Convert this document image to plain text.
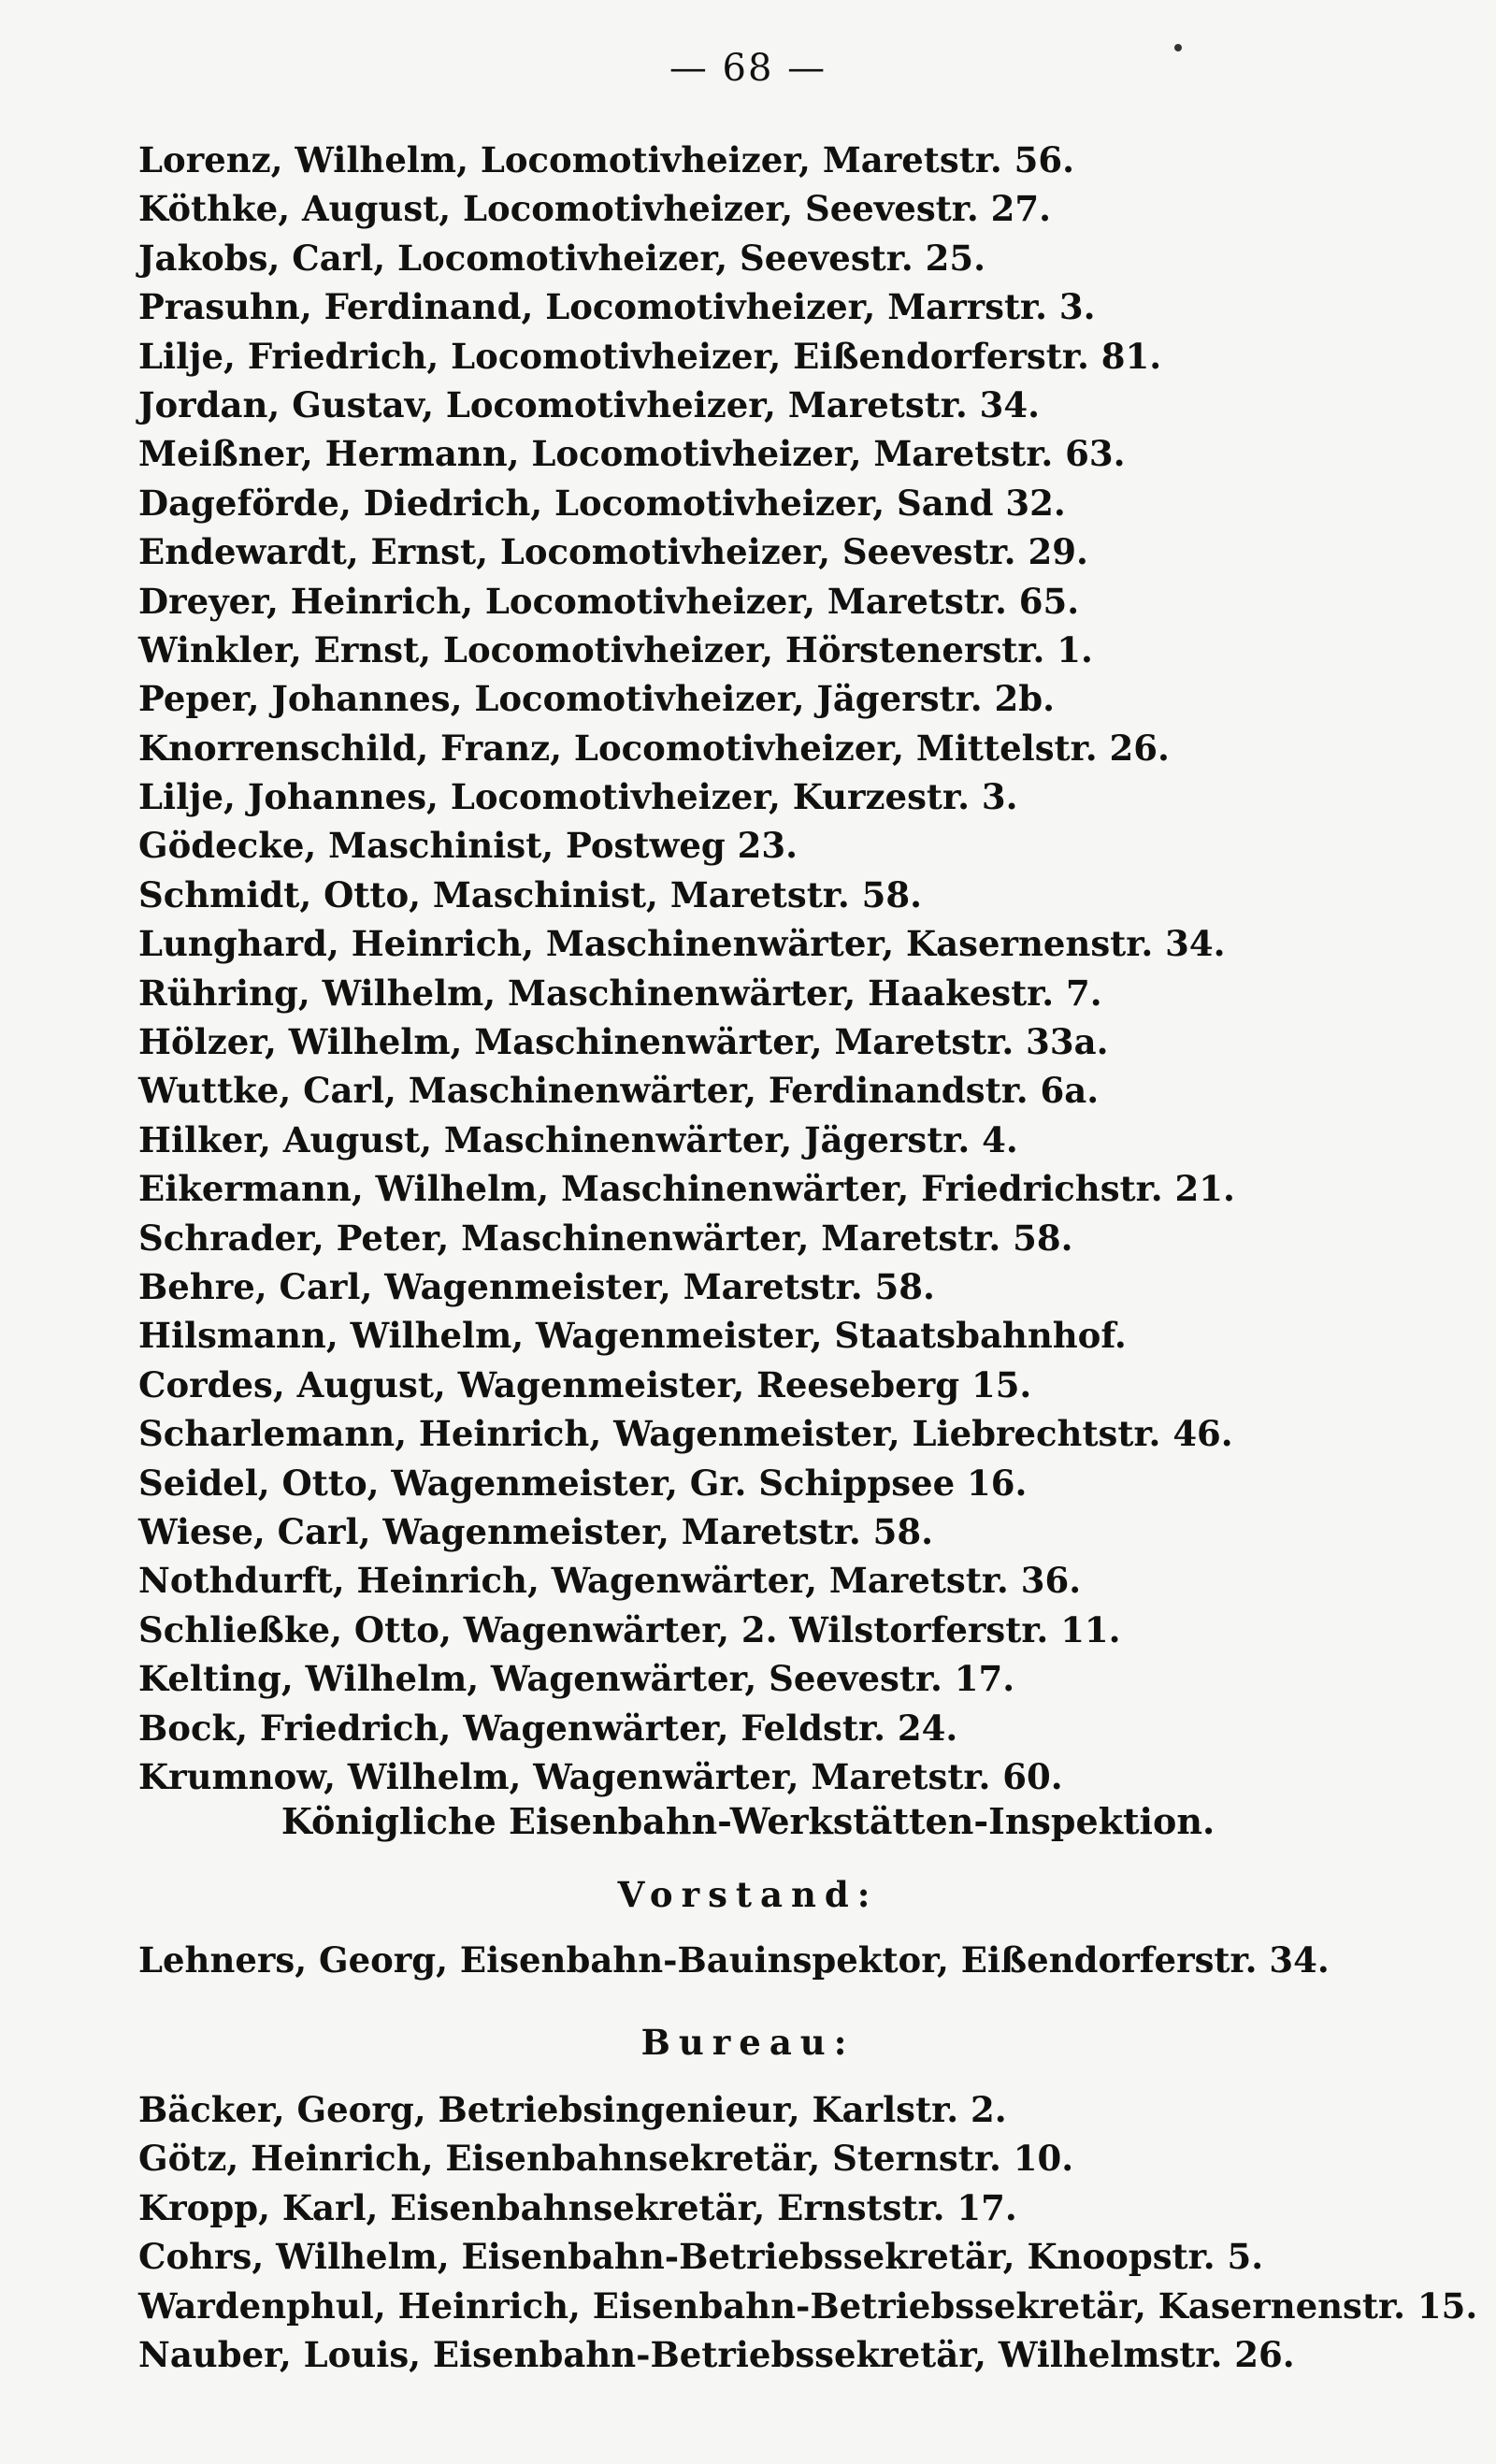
— 68 —
Lorenz, Wilhelm, Locomotivheizer, Maretstr. 56.
Köthke, August, Locomotivheizer, Seevestr. 27.
Jakobs, Carl, Locomotivheizer, Seevestr. 25.
Prasuhn, Ferdinand, Locomotivheizer, Marrstr. 3.
Lilje, Friedrich, Locomotivheizer, Eißendorferstr. 81.
Jordan, Gustav, Locomotivheizer, Maretstr. 34.
Meißner, Hermann, Locomotivheizer, Maretstr. 63.
Dageförde, Diedrich, Locomotivheizer, Sand 32.
Endewardt, Ernst, Locomotivheizer, Seevestr. 29.
Dreyer, Heinrich, Locomotivheizer, Maretstr. 65.
Winkler, Ernst, Locomotivheizer, Hörstenerstr. 1.
Peper, Johannes, Locomotivheizer, Jägerstr. 2b.
Knorrenschild, Franz, Locomotivheizer, Mittelstr. 26.
Lilje, Johannes, Locomotivheizer, Kurzestr. 3.
Gödecke, Maschinist, Postweg 23.
Schmidt, Otto, Maschinist, Maretstr. 58.
Lunghard, Heinrich, Maschinenwärter, Kasernenstr. 34.
Rühring, Wilhelm, Maschinenwärter, Haakestr. 7.
Hölzer, Wilhelm, Maschinenwärter, Maretstr. 33a.
Wuttke, Carl, Maschinenwärter, Ferdinandstr. 6a.
Hilker, August, Maschinenwärter, Jägerstr. 4.
Eikermann, Wilhelm, Maschinenwärter, Friedrichstr. 21.
Schrader, Peter, Maschinenwärter, Maretstr. 58.
Behre, Carl, Wagenmeister, Maretstr. 58.
Hilsmann, Wilhelm, Wagenmeister, Staatsbahnhof.
Cordes, August, Wagenmeister, Reeseberg 15.
Scharlemann, Heinrich, Wagenmeister, Liebrechtstr. 46.
Seidel, Otto, Wagenmeister, Gr. Schippsee 16.
Wiese, Carl, Wagenmeister, Maretstr. 58.
Nothdurft, Heinrich, Wagenwärter, Maretstr. 36.
Schließke, Otto, Wagenwärter, 2. Wilstorferstr. 11.
Kelting, Wilhelm, Wagenwärter, Seevestr. 17.
Bock, Friedrich, Wagenwärter, Feldstr. 24.
Krumnow, Wilhelm, Wagenwärter, Maretstr. 60.
Königliche Eisenbahn-Werkstätten-Inspektion.
Vorstand:
Lehners, Georg, Eisenbahn-Bauinspektor, Eißendorferstr. 34.
Bureau:
Bäcker, Georg, Betriebsingenieur, Karlstr. 2.
Götz, Heinrich, Eisenbahnsekretär, Sternstr. 10.
Kropp, Karl, Eisenbahnsekretär, Ernststr. 17.
Cohrs, Wilhelm, Eisenbahn-Betriebssekretär, Knoopstr. 5.
Wardenphul, Heinrich, Eisenbahn-Betriebssekretär, Kasernenstr. 15.
Nauber, Louis, Eisenbahn-Betriebssekretär, Wilhelmstr. 26.
